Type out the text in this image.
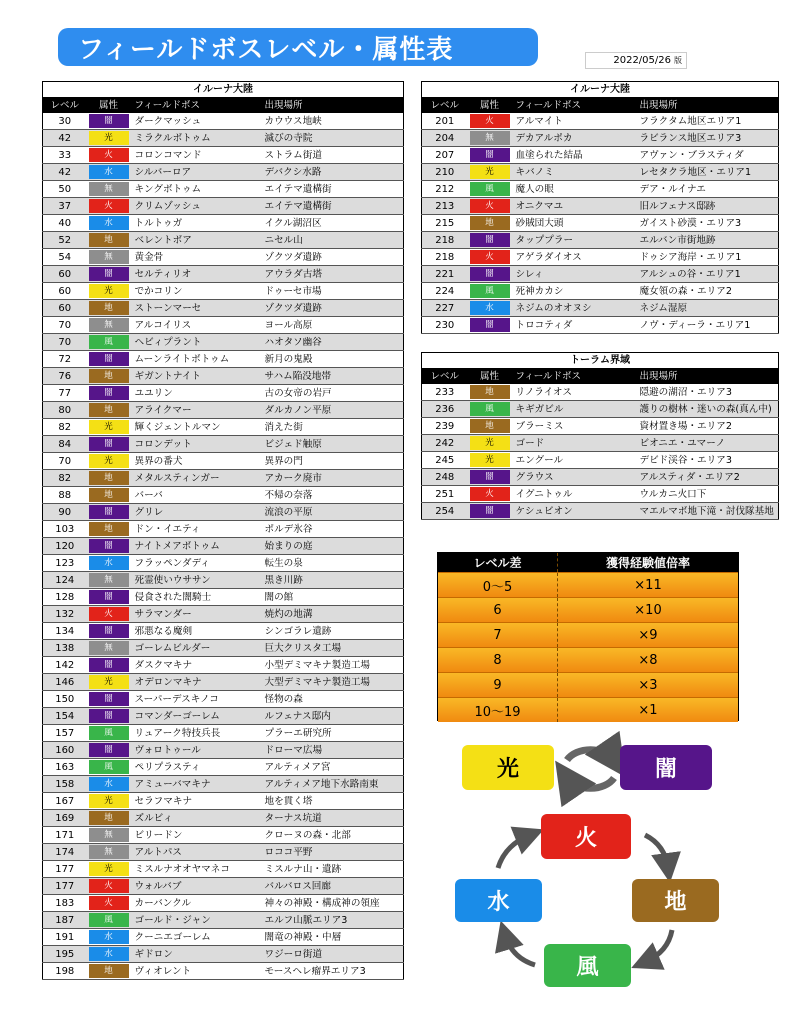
フィールドボスレベル・属性表	2022/05/26 版
イルーナ大陸			
レベル	属性	フィールドボス	出現場所
30	闇	ダークマッシュ	カウウス地峡
42	光	ミラクルボトゥム	滅びの寺院
33	火	コロンコマンド	ストラム街道
42	水	シルバーロア	デバクシ水路
50	無	キングボトゥム	エイテマ遺構街
37	火	クリムゾッシュ	エイテマ遺構街
40	水	トルトゥガ	イクル湖沼区
52	地	ベレントボア	ニセル山
54	無	黄金骨	ゾクツダ遺跡
60	闇	セルティリオ	アウラダ古塔
60	光	でかコリン	ドゥーセ市場
60	地	ストーンマーセ	ゾクツダ遺跡
70	無	アルコイリス	ヨール高原
70	風	ヘビィプラント	ハオタソ幽谷
72	闇	ムーンライトボトゥム	新月の鬼殿
76	地	ギガントナイト	サハム陥没地帯
77	闇	ユユリン	古の女帝の岩戸
80	地	アライクマー	ダルカノン平原
82	光	輝くジェントルマン	消えた街
84	闇	コロンデット	ビジェド触原
70	光	異界の番犬	異界の門
82	地	メタルスティンガー	アカーク廃市
88	地	バーバ	不帰の奈落
90	闇	グリレ	流浪の平原
103	地	ドン・イエティ	ポルデ氷谷
120	闇	ナイトメアボトゥム	始まりの庭
123	水	フラッペンダディ	転生の泉
124	無	死霊使いウササン	黒き川跡
128	闇	侵食された闇騎士	闇の館
132	火	サラマンダー	焼灼の地溝
134	闇	邪悪なる魔剣	シンゴラレ遺跡
138	無	ゴーレムビルダー	巨大クリスタ工場
142	闇	ダスクマキナ	小型デミマキナ製造工場
146	光	オデロンマキナ	大型デミマキナ製造工場
150	闇	スーパーデスキノコ	怪物の森
154	闇	コマンダーゴーレム	ルフェナス邸内
157	風	リュアーク特技兵長	プラーエ研究所
160	闇	ヴォロトゥール	ドローマ広場
163	風	ペリプラスティ	アルティメア宮
158	水	アミューバマキナ	アルティメア地下水路南東
167	光	セラフマキナ	地を貫く塔
169	地	ズルビィ	ターナス坑道
171	無	ビリードン	クローヌの森・北部
174	無	アルトパス	ロココ平野
177	光	ミスルナオオヤマネコ	ミスルナ山・遺跡
177	火	ウォルバブ	バルバロス回廊
183	火	カーバンクル	神々の神殿・構成神の領座
187	風	ゴールド・ジャン	エルフ山脈エリア3
191	水	クーニエゴーレム	闇竜の神殿・中層
195	水	ギドロン	ワジーロ街道
198	地	ヴィオレント	モースヘレ瘤界エリア3
イルーナ大陸			
レベル	属性	フィールドボス	出現場所
201	火	アルマイト	フラクタム地区エリア1
204	無	デカアルポカ	ラビランス地区エリア3
207	闇	血塗られた結晶	アヴァン・ブラスティダ
210	光	キバノミ	レセタクラ地区・エリア1
212	風	魔人の眼	デア・ルイナエ
213	火	オニクマユ	旧ルフェナス邸跡
215	地	砂賊団大頭	ガイスト砂漠・エリア3
218	闇	タッププラー	エルバン市街地跡
218	火	アゲラダイオス	ドゥシア海岸・エリア1
221	闇	シレィ	アルシュの谷・エリア1
224	風	死神カカシ	魔女領の森・エリア2
227	水	ネジムのオオヌシ	ネジム湿原
230	闇	トロコティダ	ノヴ・ディーラ・エリア1
トーラム界域			
レベル	属性	フィールドボス	出現場所
233	地	リノライオス	隠避の湖沼・エリア3
236	風	キギガビル	護りの樹林・迷いの森(真ん中)
239	地	ブラーミス	資材置き場・エリア2
242	光	ゴード	ビオニエ・ユマーノ
245	光	エングール	デビド渓谷・エリア3
248	闇	グラウス	アルスティダ・エリア2
251	火	イグニトゥル	ウルカニ火口下
254	闇	ケシュビオン	マエルマボ地下滝・討伐隊基地
レベル差	獲得経験値倍率
0〜5	×11
6	×10
7	×9
8	×8
9	×3
10〜19	×1
光	闇
火
水	地
風
